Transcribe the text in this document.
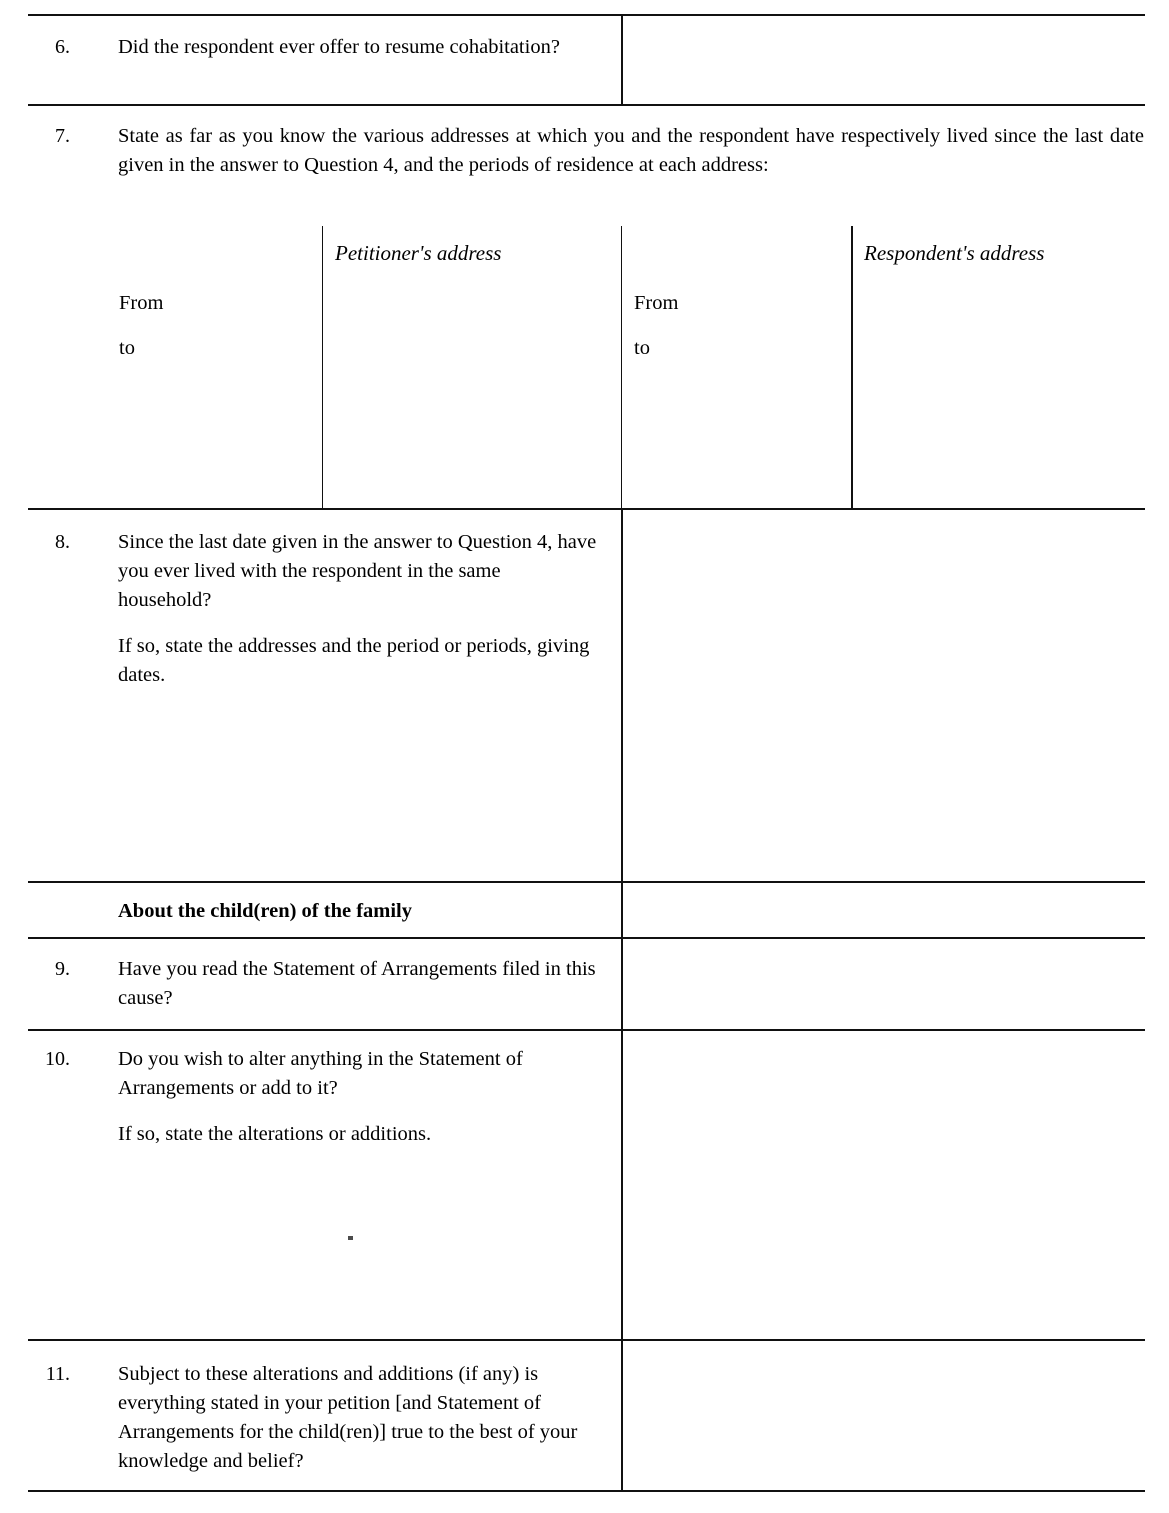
6. Did the respondent ever offer to resume cohabitation?

7. State as far as you know the various addresses at which you and the respondent have respectively lived since the last date given in the answer to Question 4, and the periods of residence at each address:

Petitioner's address	Respondent's address
From
to
From
to
8. Since the last date given in the answer to Question 4, have you ever lived with the respondent in the same household?

If so, state the addresses and the period or periods, giving dates.

About the child(ren) of the family
9. Have you read the Statement of Arrangements filed in this cause?

10. Do you wish to alter anything in the Statement of Arrangements or add to it?

If so, state the alterations or additions.

11. Subject to these alterations and additions (if any) is everything stated in your petition [and Statement of Arrangements for the child(ren)] true to the best of your knowledge and belief?
